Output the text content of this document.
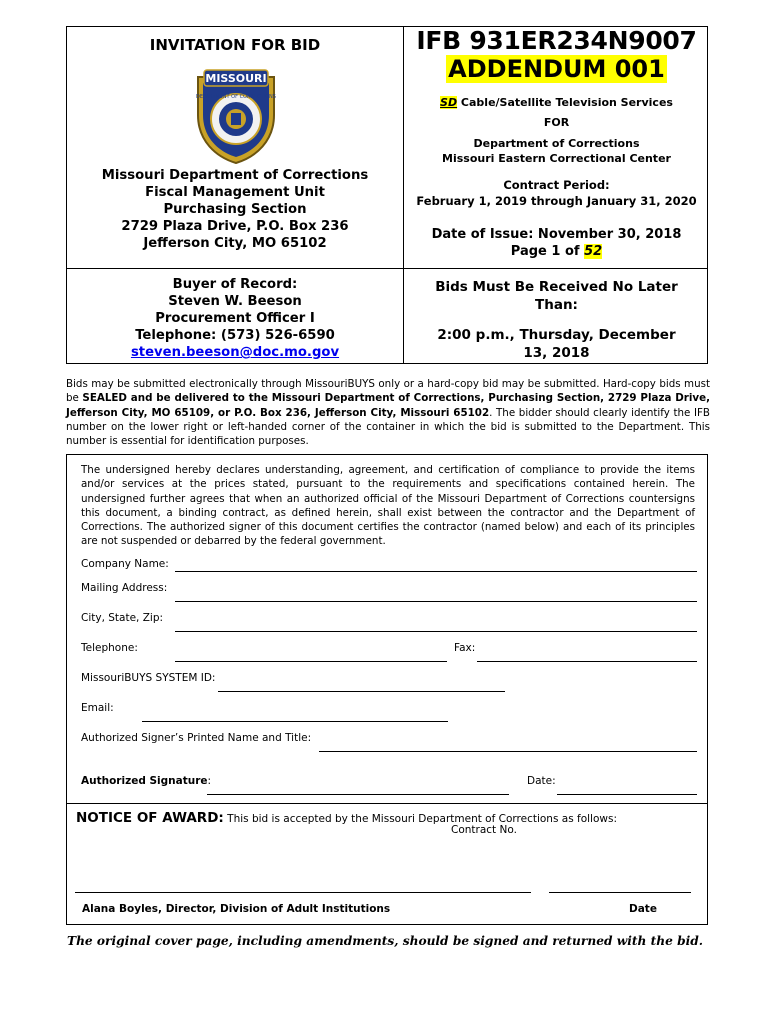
INVITATION FOR BID
DEPARTMENT OF CORRECTIONS
MISSOURI
Missouri Department of Corrections
Fiscal Management Unit
Purchasing Section
2729 Plaza Drive, P.O. Box 236
Jefferson City, MO 65102
Buyer of Record:
Steven W. Beeson
Procurement Officer I
Telephone: (573) 526-6590
steven.beeson@doc.mo.gov
IFB 931ER234N9007
ADDENDUM 001
SD Cable/Satellite Television Services
FOR
Department of Corrections
Missouri Eastern Correctional Center
Contract Period:
February 1, 2019 through January 31, 2020
Date of Issue: November 30, 2018
Page 1 of 52
Bids Must Be Received No Later Than:
2:00 p.m., Thursday, December 13, 2018
Bids may be submitted electronically through MissouriBUYS only or a hard-copy bid may be submitted. Hard-copy bids must be SEALED and be delivered to the Missouri Department of Corrections, Purchasing Section, 2729 Plaza Drive, Jefferson City, MO 65109, or P.O. Box 236, Jefferson City, Missouri 65102. The bidder should clearly identify the IFB number on the lower right or left-handed corner of the container in which the bid is submitted to the Department. This number is essential for identification purposes.
The undersigned hereby declares understanding, agreement, and certification of compliance to provide the items and/or services at the prices stated, pursuant to the requirements and specifications contained herein. The undersigned further agrees that when an authorized official of the Missouri Department of Corrections countersigns this document, a binding contract, as defined herein, shall exist between the contractor and the Department of Corrections. The authorized signer of this document certifies the contractor (named below) and each of its principles are not suspended or debarred by the federal government.
Company Name:
Mailing Address:
City, State, Zip:
Telephone:	Fax:
MissouriBUYS SYSTEM ID:
Email:
Authorized Signer’s Printed Name and Title:
Authorized Signature:	Date:
NOTICE OF AWARD: This bid is accepted by the Missouri Department of Corrections as follows:
Contract No.
Alana Boyles, Director, Division of Adult Institutions	Date
The original cover page, including amendments, should be signed and returned with the bid.
